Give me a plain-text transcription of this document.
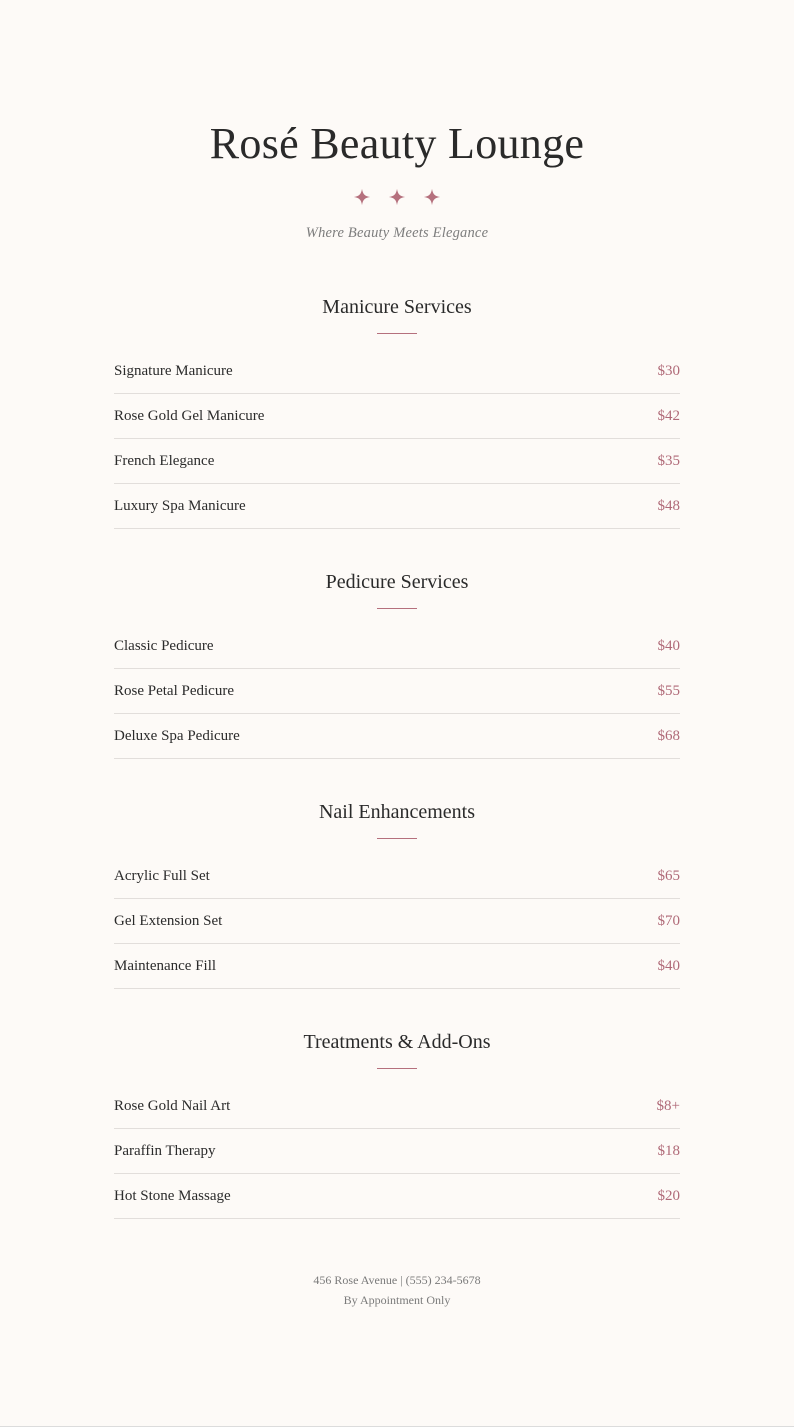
Rosé Beauty Lounge
Where Beauty Meets Elegance
Manicure Services
Signature Manicure	$30
Rose Gold Gel Manicure	$42
French Elegance	$35
Luxury Spa Manicure	$48
Pedicure Services
Classic Pedicure	$40
Rose Petal Pedicure	$55
Deluxe Spa Pedicure	$68
Nail Enhancements
Acrylic Full Set	$65
Gel Extension Set	$70
Maintenance Fill	$40
Treatments & Add-Ons
Rose Gold Nail Art	$8+
Paraffin Therapy	$18
Hot Stone Massage	$20
456 Rose Avenue | (555) 234-5678
By Appointment Only
